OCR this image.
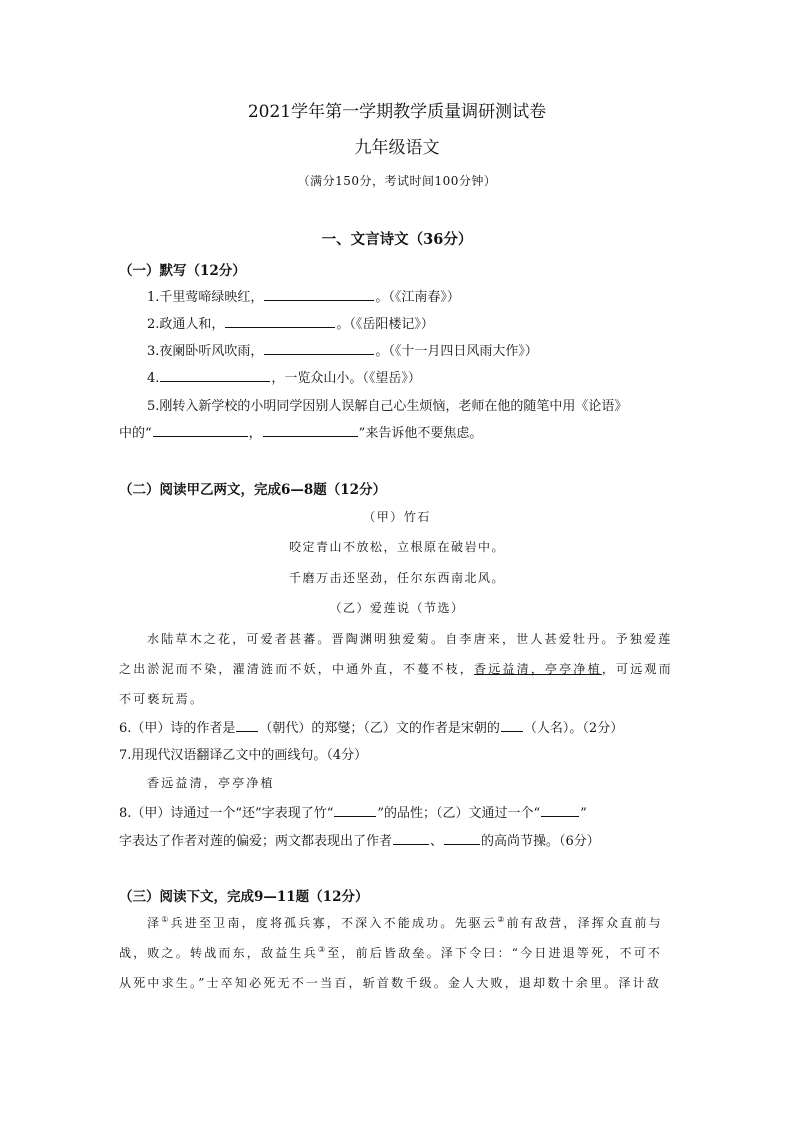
2021学年第一学期教学质量调研测试卷
九年级语文
（满分150分，考试时间100分钟）
一、文言诗文（36分）
（一）默写（12分）
1.千里莺啼绿映红，	。（《江南春》）
2.政通人和，	。（《岳阳楼记》）
3.夜阑卧听风吹雨，	。（《十一月四日风雨大作》）
4.	，一览众山小。（《望岳》）
5.刚转入新学校的小明同学因别人误解自己心生烦恼，老师在他的随笔中用《论语》
中的“	，	”来告诉他不要焦虑。
（二）阅读甲乙两文，完成6—8题（12分）
（甲）竹石
咬定青山不放松，立根原在破岩中。
千磨万击还坚劲，任尔东西南北风。
（乙）爱莲说（节选）
水陆草木之花，可爱者甚蕃。晋陶渊明独爱菊。自李唐来，世人甚爱牡丹。予独爱莲
之出淤泥而不染，濯清涟而不妖，中通外直，不蔓不枝，香远益清，亭亭净植，可远观而
不可亵玩焉。
6.（甲）诗的作者是 （朝代）的郑燮；（乙）文的作者是宋朝的 （人名）。（2分）
7.用现代汉语翻译乙文中的画线句。（4分）
香远益清，亭亭净植
8.（甲）诗通过一个“还”字表现了竹“	”的品性；（乙）文通过一个“	”
字表达了作者对莲的偏爱；两文都表现出了作者	、	的高尚节操。（6分）
（三）阅读下文，完成9—11题（12分）
泽①兵进至卫南，度将孤兵寡，不深入不能成功。先驱云②前有敌营，泽挥众直前与
战，败之。转战而东，敌益生兵③至，前后皆敌垒。泽下令曰：“今日进退等死，不可不
从死中求生。”士卒知必死无不一当百，斩首数千级。金人大败，退却数十余里。泽计敌
